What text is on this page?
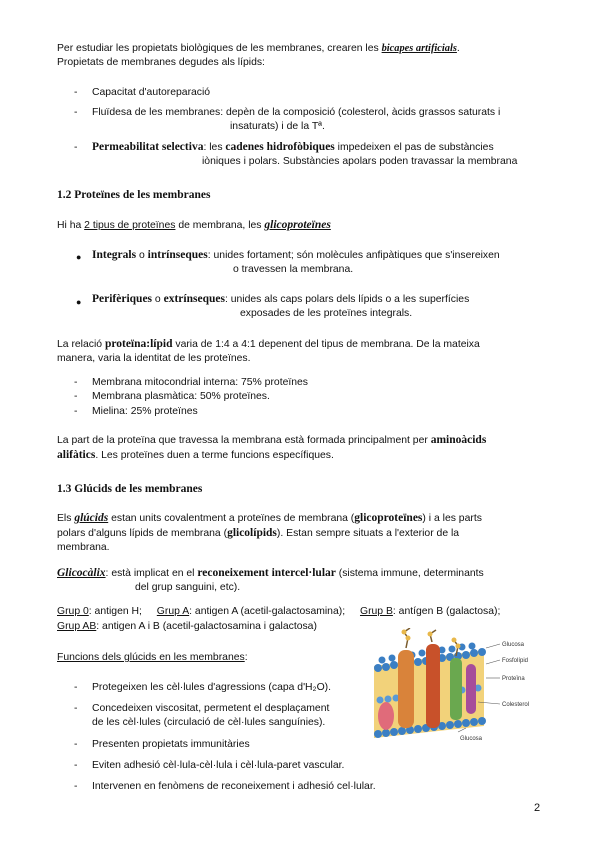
Per estudiar les propietats biològiques de les membranes, crearen les bicapes artificials.
Propietats de membranes degudes als lípids:
- Capacitat d'autoreparació
- Fluïdesa de les membranes: depèn de la composició (colesterol, àcids grassos saturats i
insaturats) i de la Tª.
- Permeabilitat selectiva: les cadenes hidrofòbiques impedeixen el pas de substàncies
iòniques i polars. Substàncies apolars poden travassar la membrana
1.2 Proteïnes de les membranes
Hi ha 2 tipus de proteïnes de membrana, les glicoproteïnes
● Integrals o intrínseques: unides fortament; són molècules anfipàtiques que s'insereixen
o travessen la membrana.
● Perifèriques o extrínseques: unides als caps polars dels lípids o a les superfícies
exposades de les proteïnes integrals.
La relació proteïna:lípid varia de 1:4 a 4:1 depenent del tipus de membrana. De la mateixa
manera, varia la identitat de les proteïnes.
- Membrana mitocondrial interna: 75% proteïnes
- Membrana plasmàtica: 50% proteïnes.
- Mielina: 25% proteïnes
La part de la proteïna que travessa la membrana està formada principalment per aminoàcids
alifàtics. Les proteïnes duen a terme funcions específiques.
1.3 Glúcids de les membranes
Els glúcids estan units covalentment a proteïnes de membrana (glicoproteïnes) i a les parts
polars d'alguns lípids de membrana (glicolípids). Estan sempre situats a l'exterior de la
membrana.
Glicocàlix: està implicat en el reconeixement intercel·lular (sistema immune, determinants
del grup sanguini, etc).
Grup 0: antigen H; Grup A: antigen A (acetil-galactosamina); Grup B: antígen B (galactosa);
Grup AB: antigen A i B (acetil-galactosamina i galactosa)
Funcions dels glúcids en les membranes:
- Protegeixen les cèl·lules d'agressions (capa d'H₂O).
- Concedeixen viscositat, permetent el desplaçament
de les cèl·lules (circulació de cèl·lules sanguínies).
- Presenten propietats immunitàries
- Eviten adhesió cèl·lula-cèl·lula i cèl·lula-paret vascular.
- Intervenen en fenòmens de reconeixement i adhesió cel·lular.
Glucosa
Fosfolípid
Proteïna
Colesterol
Glucosa
2
